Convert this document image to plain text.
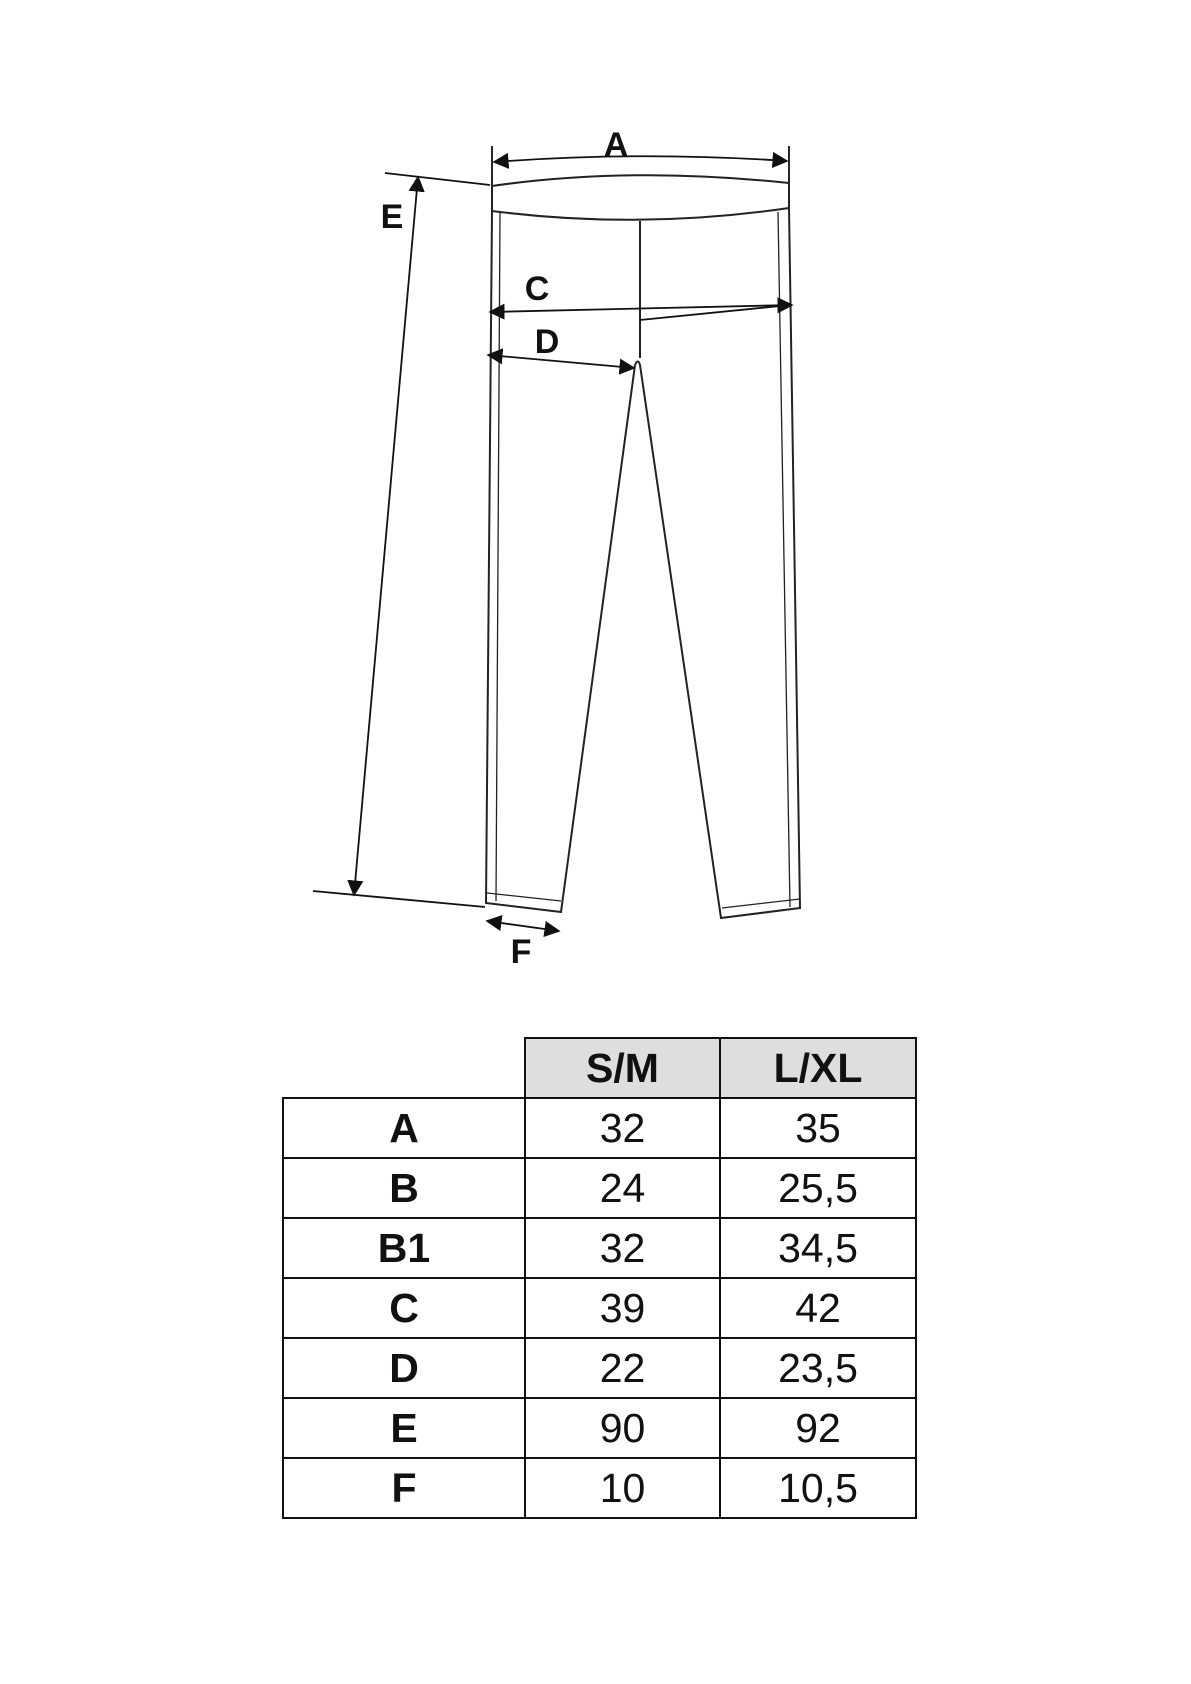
A
E
C
D
F
	S/M	L/XL
A	32	35
B	24	25,5
B1	32	34,5
C	39	42
D	22	23,5
E	90	92
F	10	10,5
